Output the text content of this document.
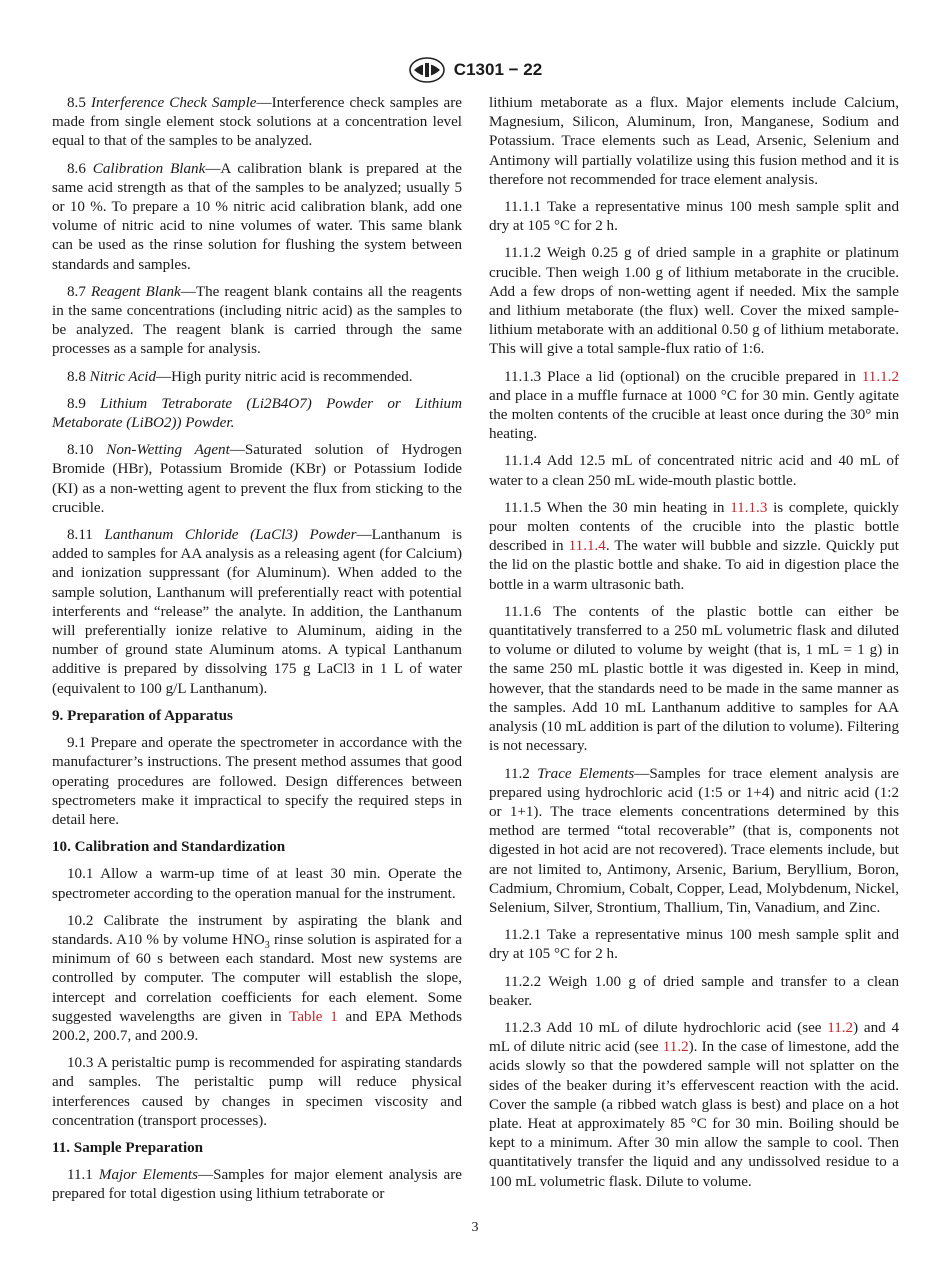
C1301 − 22

8.5 Interference Check Sample—Interference check samples are made from single element stock solutions at a concentration level equal to that of the samples to be analyzed.

8.6 Calibration Blank—A calibration blank is prepared at the same acid strength as that of the samples to be analyzed; usually 5 or 10 %. To prepare a 10 % nitric acid calibration blank, add one volume of nitric acid to nine volumes of water. This same blank can be used as the rinse solution for flushing the system between standards and samples.

8.7 Reagent Blank—The reagent blank contains all the reagents in the same concentrations (including nitric acid) as the samples to be analyzed. The reagent blank is carried through the same processes as a sample for analysis.

8.8 Nitric Acid—High purity nitric acid is recommended.

8.9 Lithium Tetraborate (Li2B4O7) Powder or Lithium Metaborate (LiBO2)) Powder.

8.10 Non-Wetting Agent—Saturated solution of Hydrogen Bromide (HBr), Potassium Bromide (KBr) or Potassium Iodide (KI) as a non-wetting agent to prevent the flux from sticking to the crucible.

8.11 Lanthanum Chloride (LaCl3) Powder—Lanthanum is added to samples for AA analysis as a releasing agent (for Calcium) and ionization suppressant (for Aluminum). When added to the sample solution, Lanthanum will preferentially react with potential interferents and “release” the analyte. In addition, the Lanthanum will preferentially ionize relative to Aluminum, aiding in the number of ground state Aluminum atoms. A typical Lanthanum additive is prepared by dissolving 175 g LaCl3 in 1 L of water (equivalent to 100 g/L Lanthanum).

9. Preparation of Apparatus

9.1 Prepare and operate the spectrometer in accordance with the manufacturer’s instructions. The present method assumes that good operating procedures are followed. Design differences between spectrometers make it impractical to specify the required steps in detail here.

10. Calibration and Standardization

10.1 Allow a warm-up time of at least 30 min. Operate the spectrometer according to the operation manual for the instrument.

10.2 Calibrate the instrument by aspirating the blank and standards. A10 % by volume $HNO_3$ rinse solution is aspirated for a minimum of 60 s between each standard. Most new systems are controlled by computer. The computer will establish the slope, intercept and correlation coefficients for each element. Some suggested wavelengths are given in Table 1 and EPA Methods 200.2, 200.7, and 200.9.

10.3 A peristaltic pump is recommended for aspirating standards and samples. The peristaltic pump will reduce physical interferences caused by changes in specimen viscosity and concentration (transport processes).

11. Sample Preparation

11.1 Major Elements—Samples for major element analysis are prepared for total digestion using lithium tetraborate or

lithium metaborate as a flux. Major elements include Calcium, Magnesium, Silicon, Aluminum, Iron, Manganese, Sodium and Potassium. Trace elements such as Lead, Arsenic, Selenium and Antimony will partially volatilize using this fusion method and it is therefore not recommended for trace element analysis.

11.1.1 Take a representative minus 100 mesh sample split and dry at 105 °C for 2 h.

11.1.2 Weigh 0.25 g of dried sample in a graphite or platinum crucible. Then weigh 1.00 g of lithium metaborate in the crucible. Add a few drops of non-wetting agent if needed. Mix the sample and lithium metaborate (the flux) well. Cover the mixed sample-lithium metaborate with an additional 0.50 g of lithium metaborate. This will give a total sample-flux ratio of 1:6.

11.1.3 Place a lid (optional) on the crucible prepared in 11.1.2 and place in a muffle furnace at 1000 °C for 30 min. Gently agitate the molten contents of the crucible at least once during the 30° min heating.

11.1.4 Add 12.5 mL of concentrated nitric acid and 40 mL of water to a clean 250 mL wide-mouth plastic bottle.

11.1.5 When the 30 min heating in 11.1.3 is complete, quickly pour molten contents of the crucible into the plastic bottle described in 11.1.4. The water will bubble and sizzle. Quickly put the lid on the plastic bottle and shake. To aid in digestion place the bottle in a warm ultrasonic bath.

11.1.6 The contents of the plastic bottle can either be quantitatively transferred to a 250 mL volumetric flask and diluted to volume or diluted to volume by weight (that is, 1 mL = 1 g) in the same 250 mL plastic bottle it was digested in. Keep in mind, however, that the standards need to be made in the same manner as the samples. Add 10 mL Lanthanum additive to samples for AA analysis (10 mL addition is part of the dilution to volume). Filtering is not necessary.

11.2 Trace Elements—Samples for trace element analysis are prepared using hydrochloric acid (1:5 or 1+4) and nitric acid (1:2 or 1+1). The trace elements concentrations determined by this method are termed “total recoverable” (that is, components not digested in hot acid are not recovered). Trace elements include, but are not limited to, Antimony, Arsenic, Barium, Beryllium, Boron, Cadmium, Chromium, Cobalt, Copper, Lead, Molybdenum, Nickel, Selenium, Silver, Strontium, Thallium, Tin, Vanadium, and Zinc.

11.2.1 Take a representative minus 100 mesh sample split and dry at 105 °C for 2 h.

11.2.2 Weigh 1.00 g of dried sample and transfer to a clean beaker.

11.2.3 Add 10 mL of dilute hydrochloric acid (see 11.2) and 4 mL of dilute nitric acid (see 11.2). In the case of limestone, add the acids slowly so that the powdered sample will not splatter on the sides of the beaker during it’s effervescent reaction with the acid. Cover the sample (a ribbed watch glass is best) and place on a hot plate. Heat at approximately 85 °C for 30 min. Boiling should be kept to a minimum. After 30 min allow the sample to cool. Then quantitatively transfer the liquid and any undissolved residue to a 100 mL volumetric flask. Dilute to volume.

3
